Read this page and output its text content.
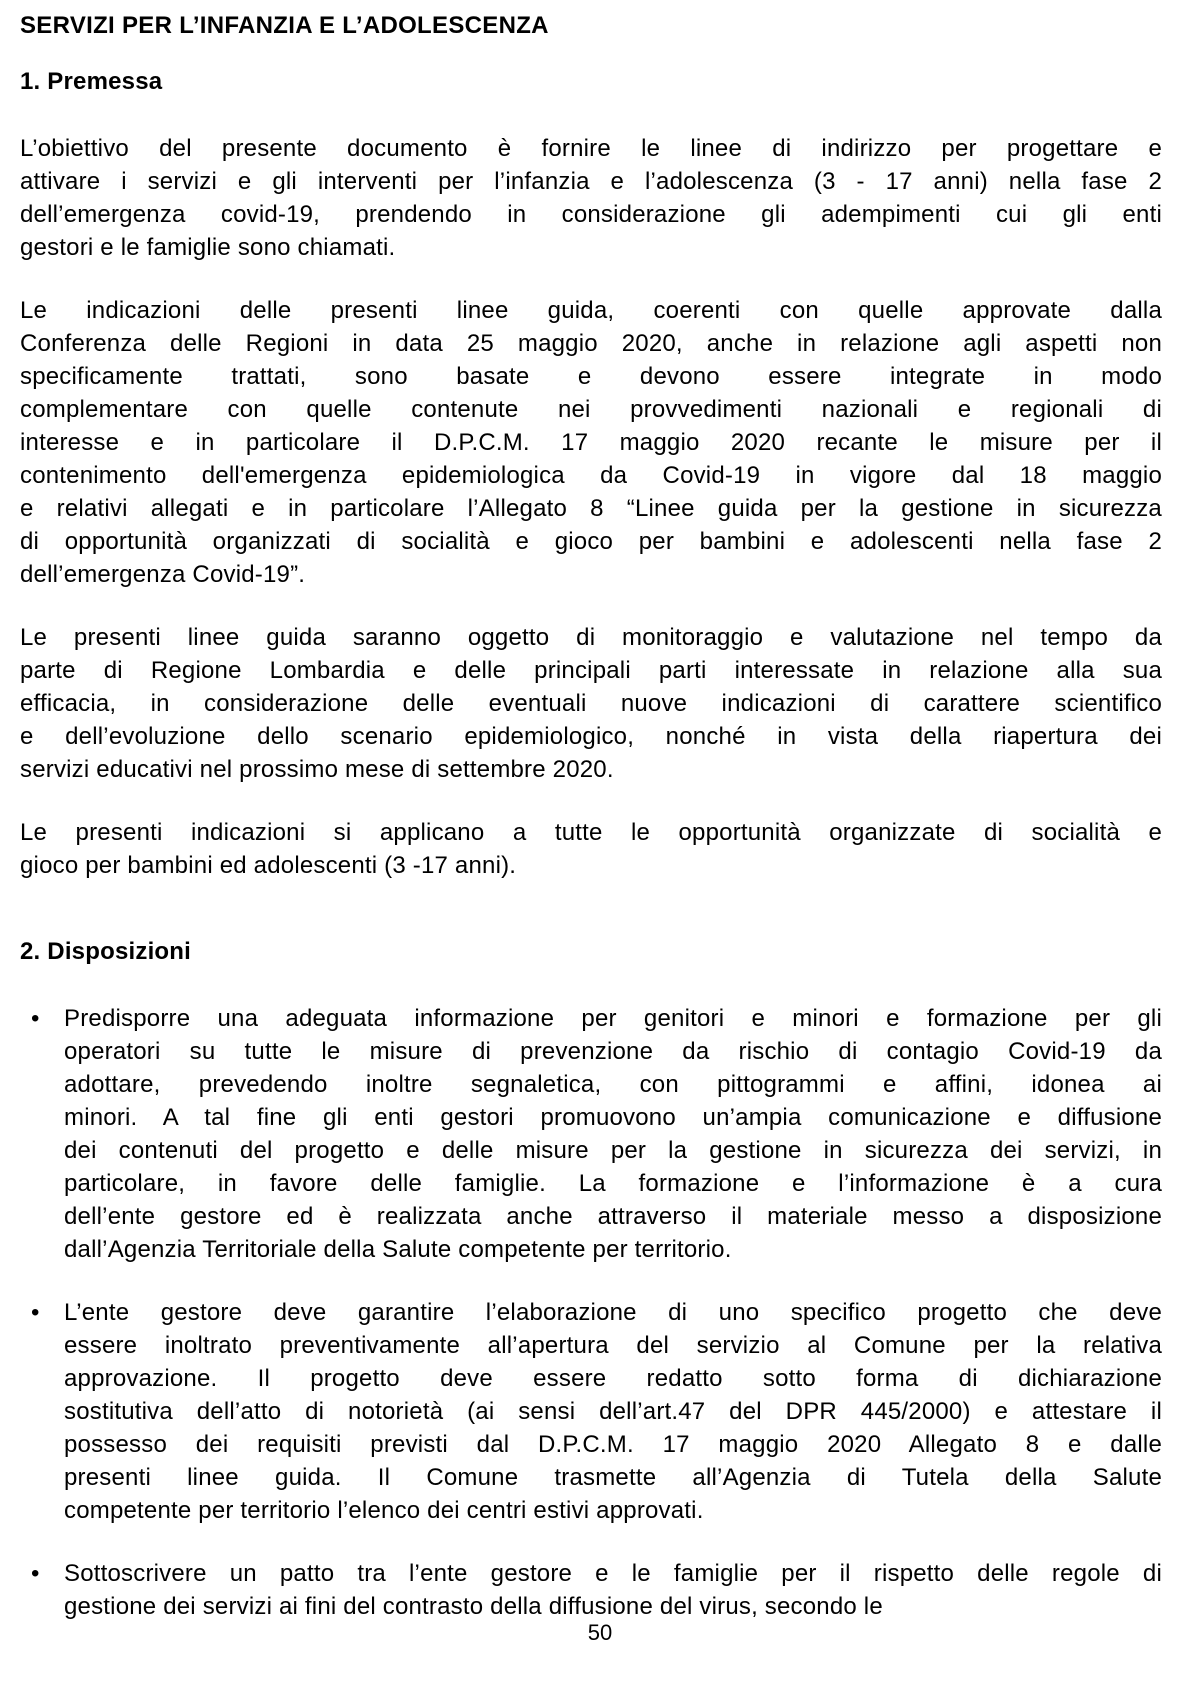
SERVIZI PER L’INFANZIA E L’ADOLESCENZA
1. Premessa
L’obiettivo del presente documento è fornire le linee di indirizzo per progettare e
attivare i servizi e gli interventi per l’infanzia e l’adolescenza (3 - 17 anni) nella fase 2
dell’emergenza covid-19, prendendo in considerazione gli adempimenti cui gli enti
gestori e le famiglie sono chiamati.
Le indicazioni delle presenti linee guida, coerenti con quelle approvate dalla
Conferenza delle Regioni in data 25 maggio 2020, anche in relazione agli aspetti non
specificamente trattati, sono basate e devono essere integrate in modo
complementare con quelle contenute nei provvedimenti nazionali e regionali di
interesse e in particolare il D.P.C.M. 17 maggio 2020 recante le misure per il
contenimento dell'emergenza epidemiologica da Covid-19 in vigore dal 18 maggio
e relativi allegati e in particolare l’Allegato 8 “Linee guida per la gestione in sicurezza
di opportunità organizzati di socialità e gioco per bambini e adolescenti nella fase 2
dell’emergenza Covid-19”.
Le presenti linee guida saranno oggetto di monitoraggio e valutazione nel tempo da
parte di Regione Lombardia e delle principali parti interessate in relazione alla sua
efficacia, in considerazione delle eventuali nuove indicazioni di carattere scientifico
e dell’evoluzione dello scenario epidemiologico, nonché in vista della riapertura dei
servizi educativi nel prossimo mese di settembre 2020.
Le presenti indicazioni si applicano a tutte le opportunità organizzate di socialità e
gioco per bambini ed adolescenti (3 -17 anni).
2. Disposizioni
•	Predisporre una adeguata informazione per genitori e minori e formazione per gli
operatori su tutte le misure di prevenzione da rischio di contagio Covid-19 da
adottare, prevedendo inoltre segnaletica, con pittogrammi e affini, idonea ai
minori. A tal fine gli enti gestori promuovono un’ampia comunicazione e diffusione
dei contenuti del progetto e delle misure per la gestione in sicurezza dei servizi, in
particolare, in favore delle famiglie. La formazione e l’informazione è a cura
dell’ente gestore ed è realizzata anche attraverso il materiale messo a disposizione
dall’Agenzia Territoriale della Salute competente per territorio.
•	L’ente gestore deve garantire l’elaborazione di uno specifico progetto che deve
essere inoltrato preventivamente all’apertura del servizio al Comune per la relativa
approvazione. Il progetto deve essere redatto sotto forma di dichiarazione
sostitutiva dell’atto di notorietà (ai sensi dell’art.47 del DPR 445/2000) e attestare il
possesso dei requisiti previsti dal D.P.C.M. 17 maggio 2020 Allegato 8 e dalle
presenti linee guida. Il Comune trasmette all’Agenzia di Tutela della Salute
competente per territorio l’elenco dei centri estivi approvati.
•	Sottoscrivere un patto tra l’ente gestore e le famiglie per il rispetto delle regole di
gestione dei servizi ai fini del contrasto della diffusione del virus, secondo le
50
